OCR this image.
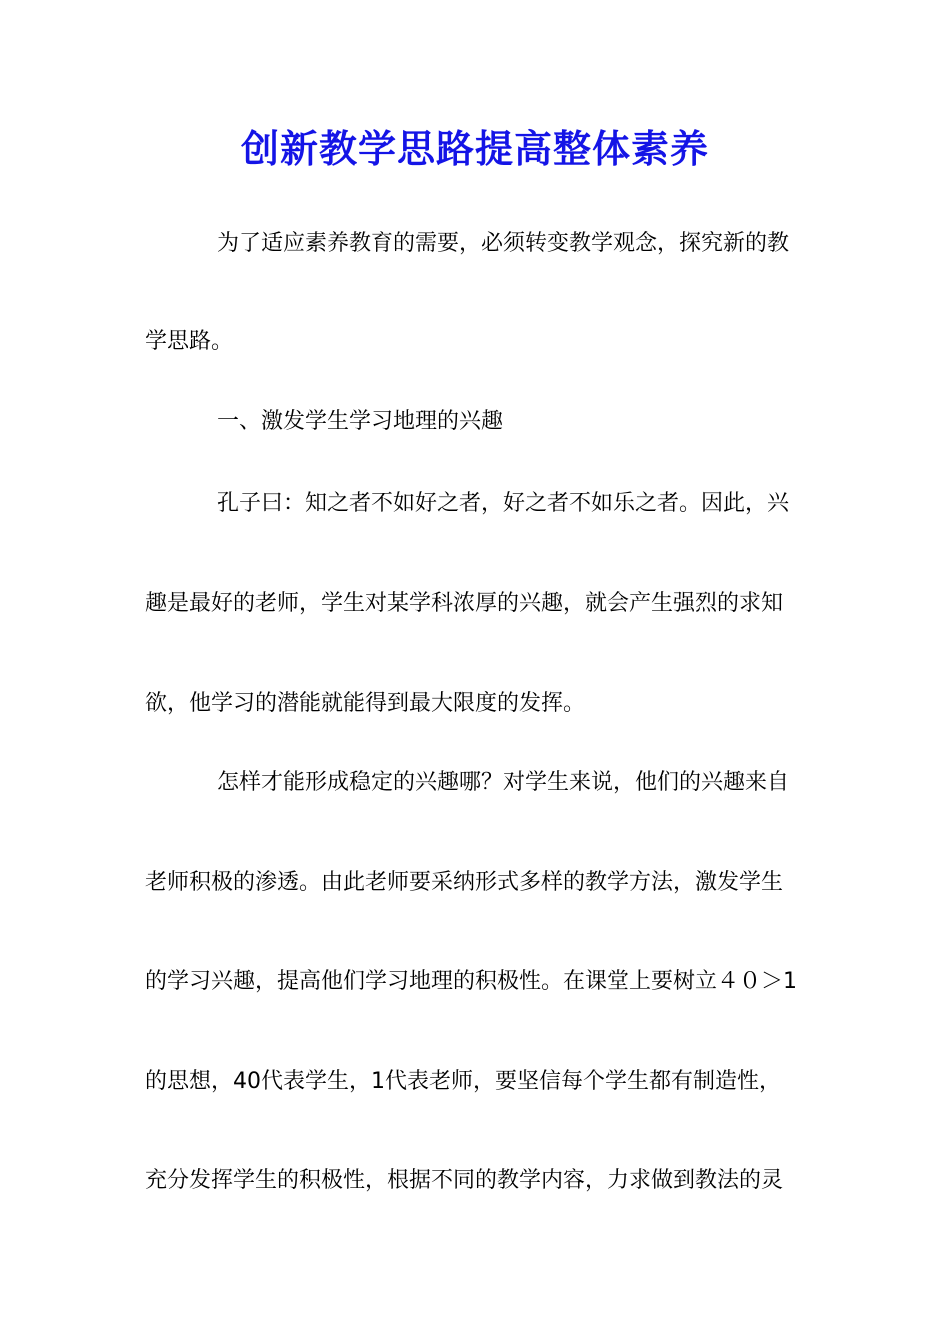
创新教学思路提高整体素养
为了适应素养教育的需要，必须转变教学观念，探究新的教
学思路。
一、激发学生学习地理的兴趣
孔子曰：知之者不如好之者，好之者不如乐之者。因此，兴
趣是最好的老师，学生对某学科浓厚的兴趣，就会产生强烈的求知
欲，他学习的潜能就能得到最大限度的发挥。
怎样才能形成稳定的兴趣哪？对学生来说，他们的兴趣来自
老师积极的渗透。由此老师要采纳形式多样的教学方法，激发学生
的学习兴趣，提高他们学习地理的积极性。在课堂上要树立４０＞1
的思想，40代表学生，1代表老师，要坚信每个学生都有制造性，
充分发挥学生的积极性，根据不同的教学内容，力求做到教法的灵
